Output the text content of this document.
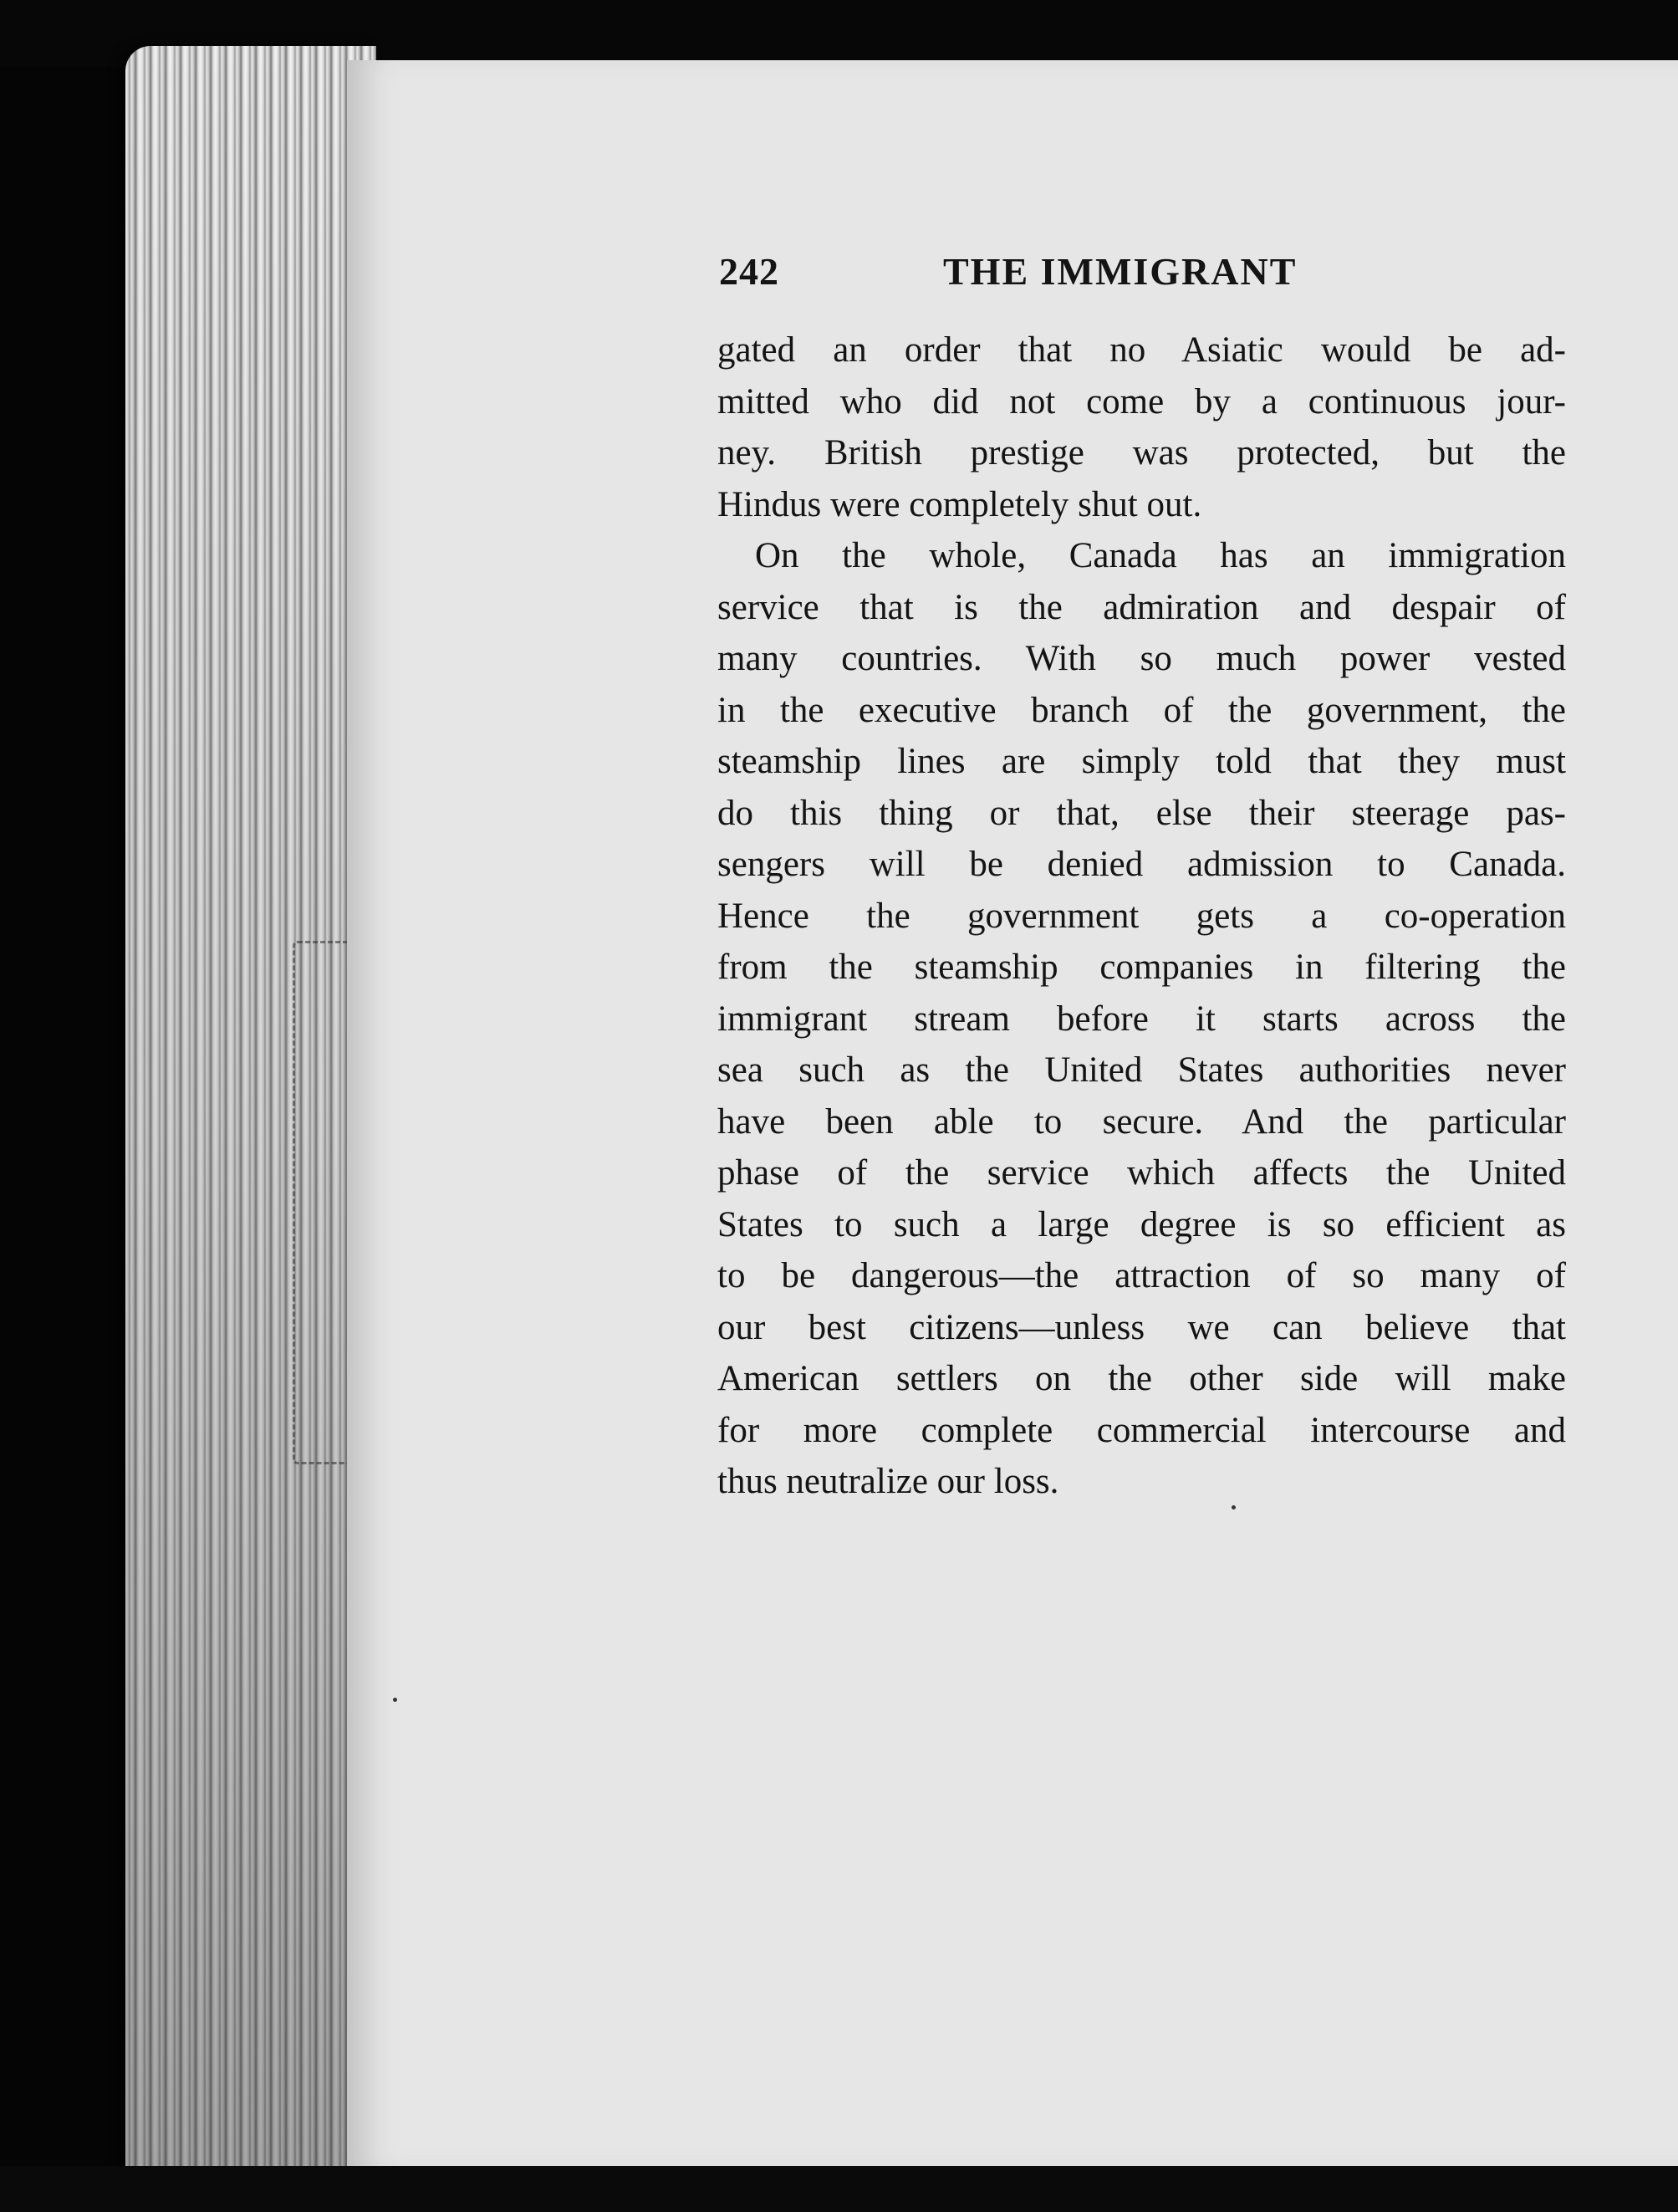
242	THE IMMIGRANT
gated an order that no Asiatic would be ad-
mitted who did not come by a continuous jour-
ney. British prestige was protected, but the
Hindus were completely shut out.
On the whole, Canada has an immigration
service that is the admiration and despair of
many countries. With so much power vested
in the executive branch of the government, the
steamship lines are simply told that they must
do this thing or that, else their steerage pas-
sengers will be denied admission to Canada.
Hence the government gets a co-operation
from the steamship companies in filtering the
immigrant stream before it starts across the
sea such as the United States authorities never
have been able to secure. And the particular
phase of the service which affects the United
States to such a large degree is so efficient as
to be dangerous—the attraction of so many of
our best citizens—unless we can believe that
American settlers on the other side will make
for more complete commercial intercourse and
thus neutralize our loss.
